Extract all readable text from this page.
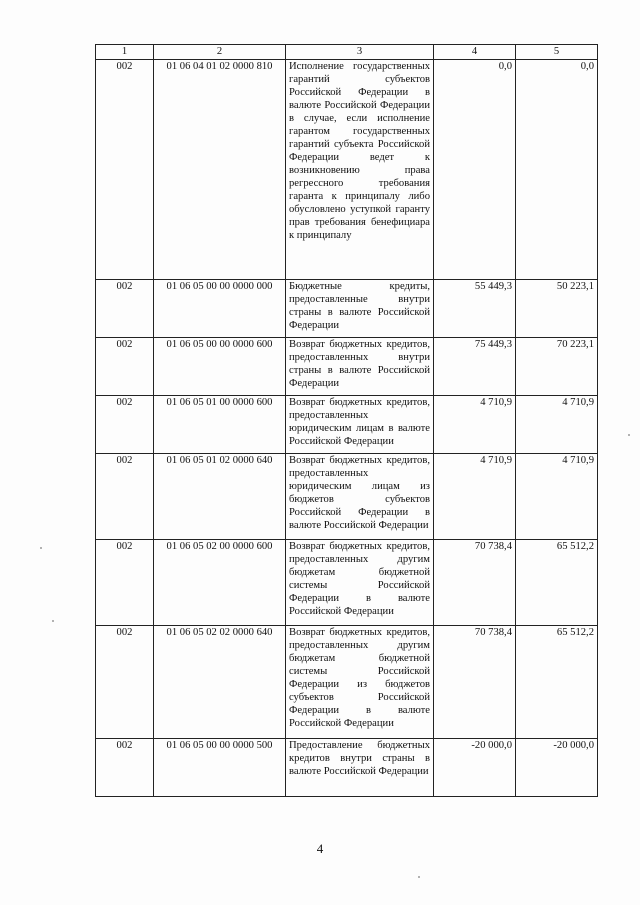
1	2	3	4	5
002	01 06 04 01 02 0000 810	Исполнение государственных гарантий субъектов Российской Федерации в валюте Российской Федерации в случае, если исполнение гарантом государственных гарантий субъекта Российской Федерации ведет к возникновению права регрессного требования гаранта к принципалу либо обусловлено уступкой гаранту прав требования бенефициара к принципалу	0,0	0,0
002	01 06 05 00 00 0000 000	Бюджетные кредиты, предоставленные внутри страны в валюте Российской Федерации	55 449,3	50 223,1
002	01 06 05 00 00 0000 600	Возврат бюджетных кредитов, предоставленных внутри страны в валюте Российской Федерации	75 449,3	70 223,1
002	01 06 05 01 00 0000 600	Возврат бюджетных кредитов, предоставленных юридическим лицам в валюте Российской Федерации	4 710,9	4 710,9
002	01 06 05 01 02 0000 640	Возврат бюджетных кредитов, предоставленных юридическим лицам из бюджетов субъектов Российской Федерации в валюте Российской Федерации	4 710,9	4 710,9
002	01 06 05 02 00 0000 600	Возврат бюджетных кредитов, предоставленных другим бюджетам бюджетной системы Российской Федерации в валюте Российской Федерации	70 738,4	65 512,2
002	01 06 05 02 02 0000 640	Возврат бюджетных кредитов, предоставленных другим бюджетам бюджетной системы Российской Федерации из бюджетов субъектов Российской Федерации в валюте Российской Федерации	70 738,4	65 512,2
002	01 06 05 00 00 0000 500	Предоставление бюджетных кредитов внутри страны в валюте Российской Федерации	-20 000,0	-20 000,0
4
